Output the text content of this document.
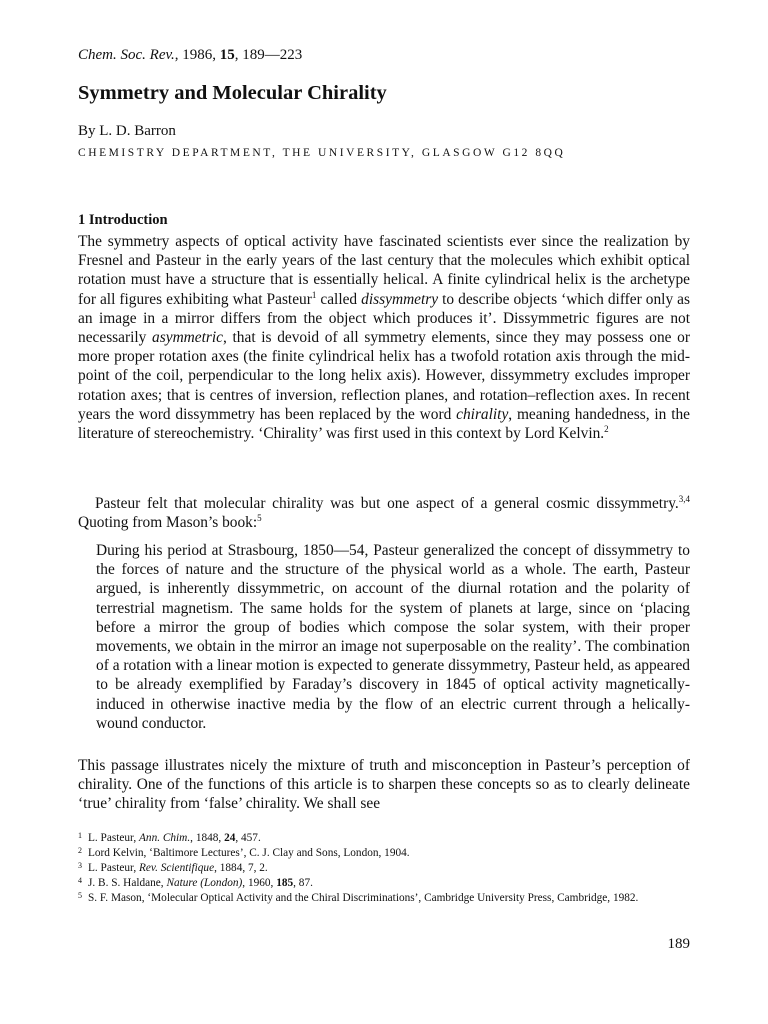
Chem. Soc. Rev., 1986, 15, 189—223
Symmetry and Molecular Chirality
By L. D. Barron
CHEMISTRY DEPARTMENT, THE UNIVERSITY, GLASGOW G12 8QQ
1 Introduction

The symmetry aspects of optical activity have fascinated scientists ever since the realization by Fresnel and Pasteur in the early years of the last century that the molecules which exhibit optical rotation must have a structure that is essentially helical. A finite cylindrical helix is the archetype for all figures exhibiting what Pasteur$^1$ called dissymmetry to describe objects ‘which differ only as an image in a mirror differs from the object which produces it’. Dissymmetric figures are not necessarily asymmetric, that is devoid of all symmetry elements, since they may possess one or more proper rotation axes (the finite cylindrical helix has a twofold rotation axis through the mid-point of the coil, perpendicular to the long helix axis). However, dissymmetry excludes improper rotation axes; that is centres of inversion, reflection planes, and rotation–reflection axes. In recent years the word dissymmetry has been replaced by the word chirality, meaning handedness, in the literature of stereochemistry. ‘Chirality’ was first used in this context by Lord Kelvin.$^2$

Pasteur felt that molecular chirality was but one aspect of a general cosmic dissymmetry.$^{3,4}$ Quoting from Mason’s book:$^5$

During his period at Strasbourg, 1850—54, Pasteur generalized the concept of dissymmetry to the forces of nature and the structure of the physical world as a whole. The earth, Pasteur argued, is inherently dissymmetric, on account of the diurnal rotation and the polarity of terrestrial magnetism. The same holds for the system of planets at large, since on ‘placing before a mirror the group of bodies which compose the solar system, with their proper movements, we obtain in the mirror an image not superposable on the reality’. The combination of a rotation with a linear motion is expected to generate dissymmetry, Pasteur held, as appeared to be already exemplified by Faraday’s discovery in 1845 of optical activity magnetically-induced in otherwise inactive media by the flow of an electric current through a helically-wound conductor.

This passage illustrates nicely the mixture of truth and misconception in Pasteur’s perception of chirality. One of the functions of this article is to sharpen these concepts so as to clearly delineate ‘true’ chirality from ‘false’ chirality. We shall see

1 L. Pasteur, Ann. Chim., 1848, 24, 457.
2 Lord Kelvin, ‘Baltimore Lectures’, C. J. Clay and Sons, London, 1904.
3 L. Pasteur, Rev. Scientifique, 1884, 7, 2.
4 J. B. S. Haldane, Nature (London), 1960, 185, 87.
5 S. F. Mason, ‘Molecular Optical Activity and the Chiral Discriminations’, Cambridge University Press, Cambridge, 1982.
189
